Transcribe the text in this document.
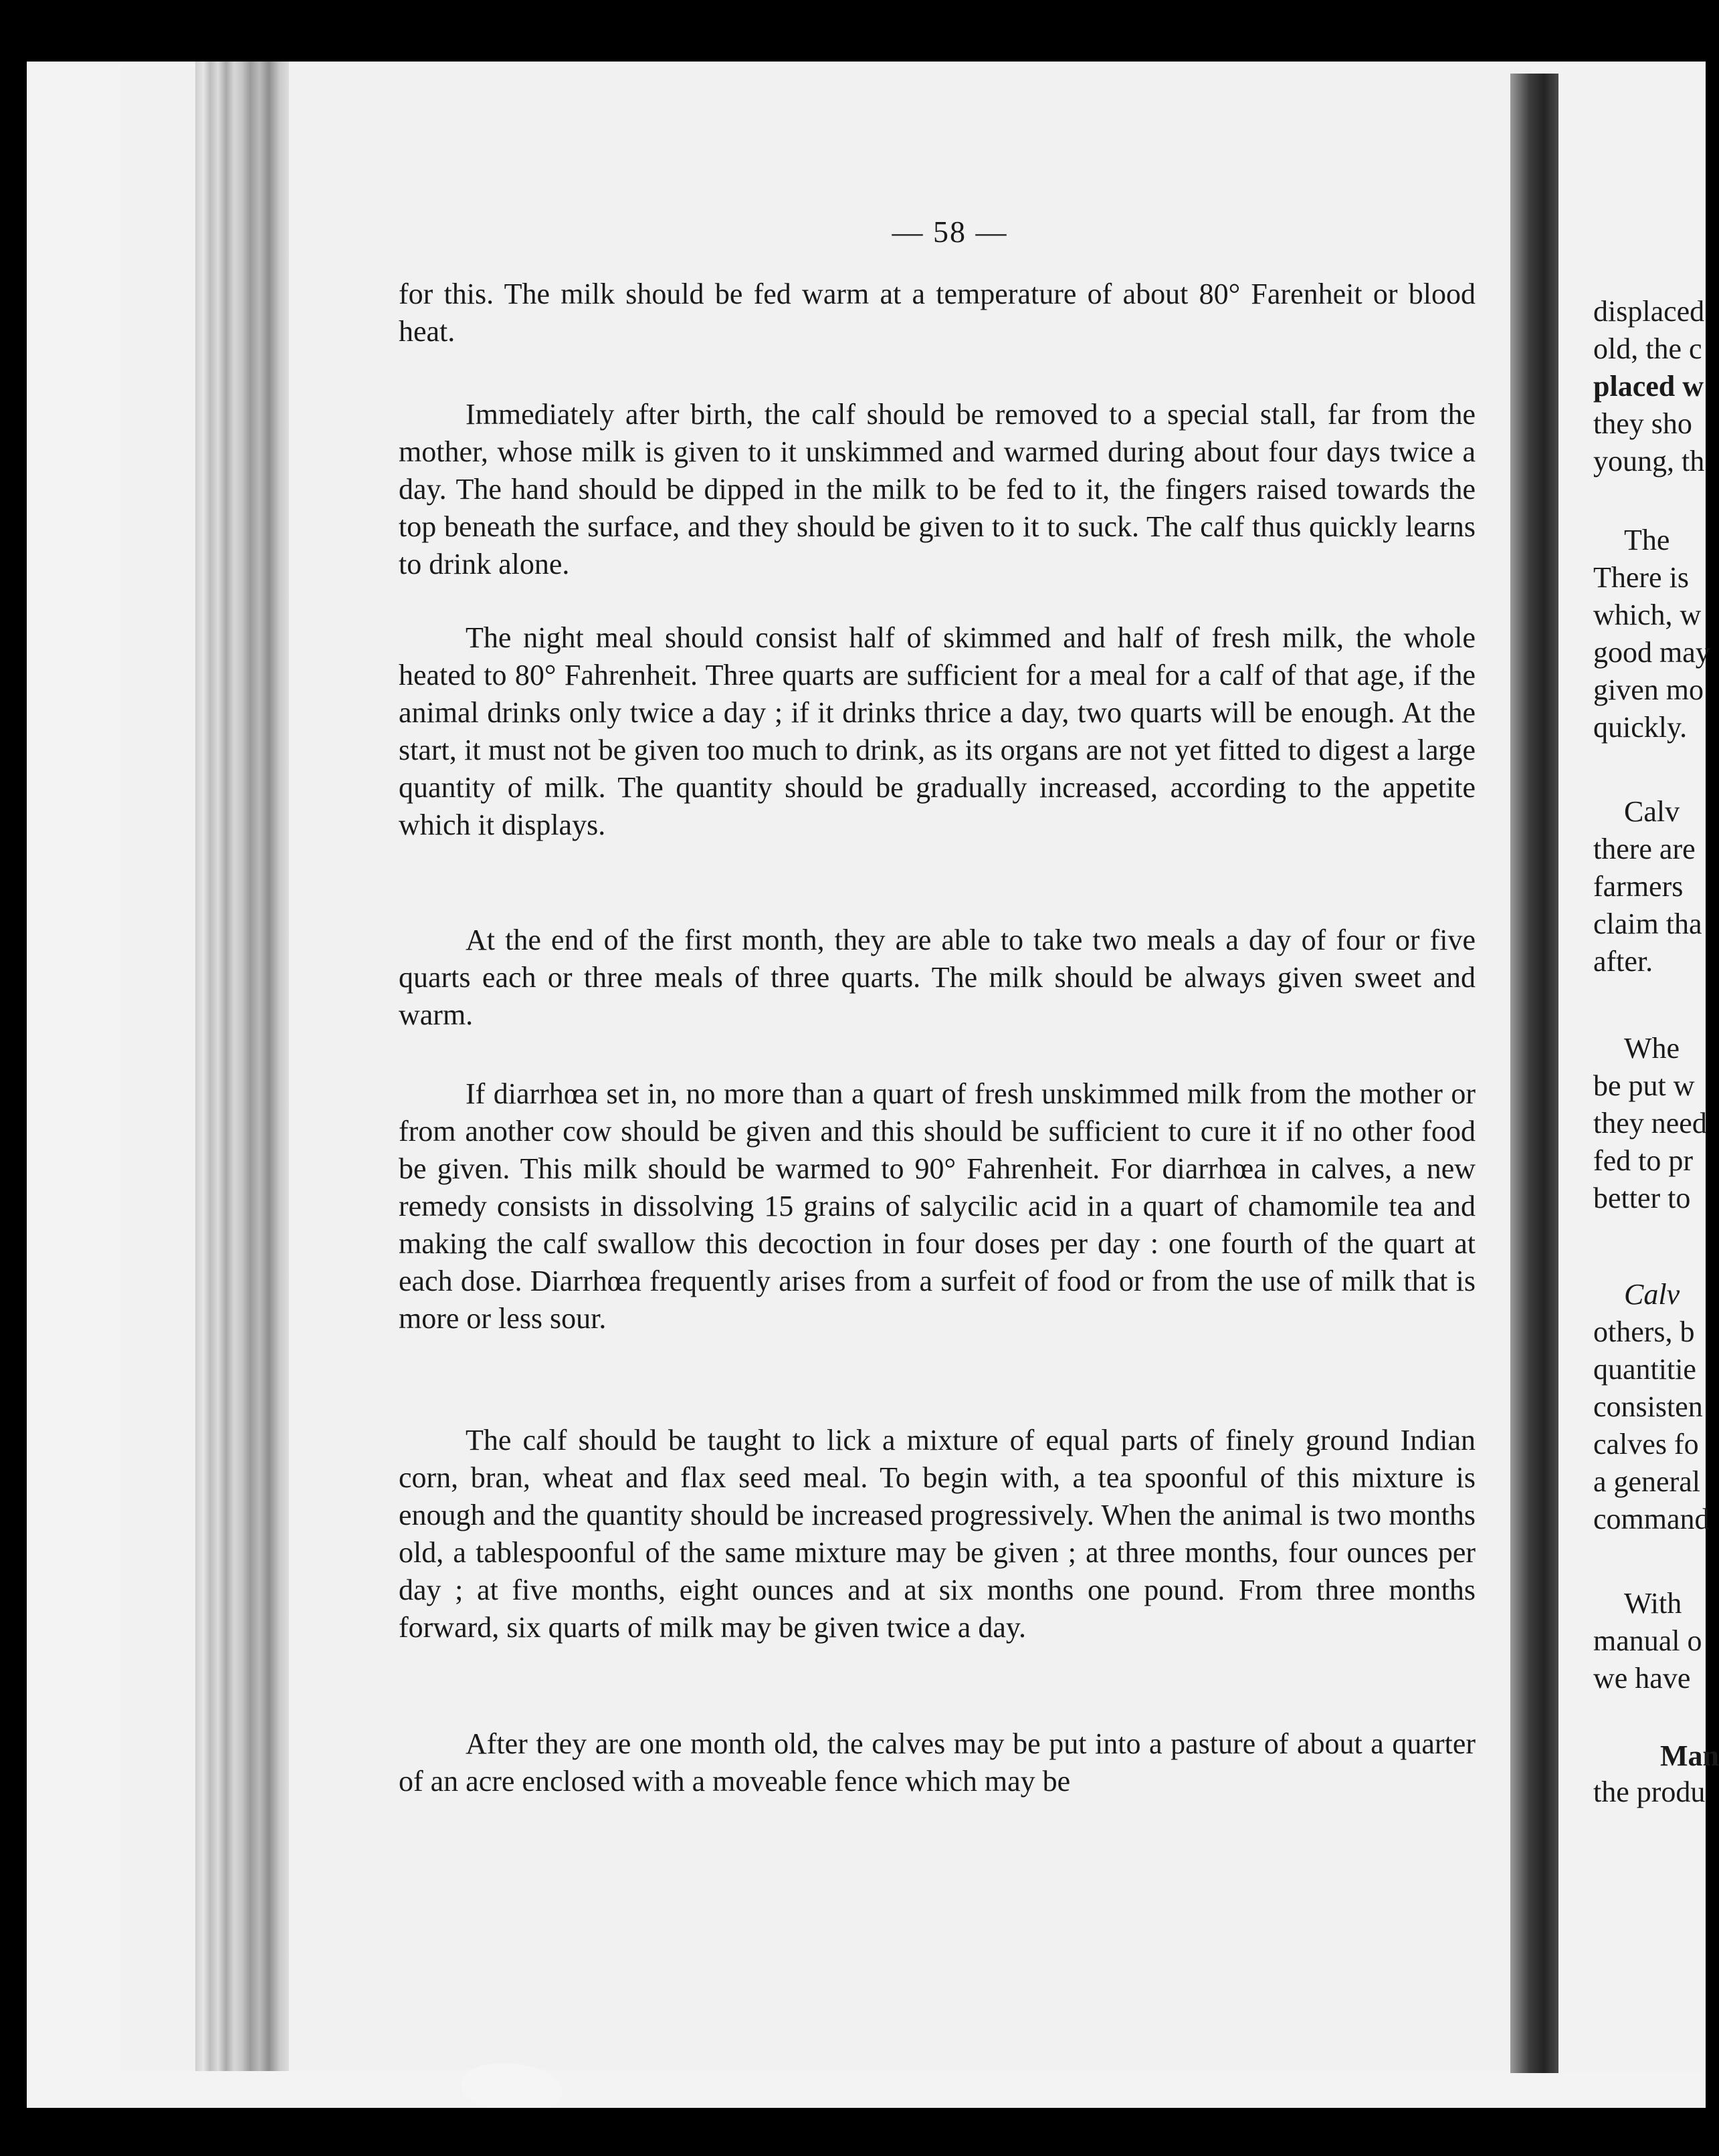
— 58 —

for this. The milk should be fed warm at a temperature of about 80° Farenheit or blood heat.

Immediately after birth, the calf should be removed to a special stall, far from the mother, whose milk is given to it unskimmed and warmed during about four days twice a day. The hand should be dipped in the milk to be fed to it, the fingers raised towards the top beneath the surface, and they should be given to it to suck. The calf thus quickly learns to drink alone.

The night meal should consist half of skimmed and half of fresh milk, the whole heated to 80° Fahrenheit. Three quarts are sufficient for a meal for a calf of that age, if the animal drinks only twice a day ; if it drinks thrice a day, two quarts will be enough. At the start, it must not be given too much to drink, as its organs are not yet fitted to digest a large quantity of milk. The quantity should be gradually increased, according to the appetite which it displays.

At the end of the first month, they are able to take two meals a day of four or five quarts each or three meals of three quarts. The milk should be always given sweet and warm.

If diarrhœa set in, no more than a quart of fresh unskimmed milk from the mother or from another cow should be given and this should be sufficient to cure it if no other food be given. This milk should be warmed to 90° Fahrenheit. For diarrhœa in calves, a new remedy consists in dissolving 15 grains of salycilic acid in a quart of chamomile tea and making the calf swallow this decoction in four doses per day : one fourth of the quart at each dose. Diarrhœa frequently arises from a surfeit of food or from the use of milk that is more or less sour.

The calf should be taught to lick a mixture of equal parts of finely ground Indian corn, bran, wheat and flax seed meal. To begin with, a tea spoonful of this mixture is enough and the quantity should be increased progressively. When the animal is two months old, a tablespoonful of the same mixture may be given ; at three months, four ounces per day ; at five months, eight ounces and at six months one pound. From three months forward, six quarts of milk may be given twice a day.

After they are one month old, the calves may be put into a pasture of about a quarter of an acre enclosed with a moveable fence which may be

displaced
old, the c
placed w
they sho
young, th
The
There is
which, w
good may
given mo
quickly.
Calv
there are
farmers
claim tha
after.
Whe
be put w
they need
fed to pr
better to
Calv
others, b
quantitie
consisten
calves fo
a general
command
With
manual o
we have
Man
the produ
